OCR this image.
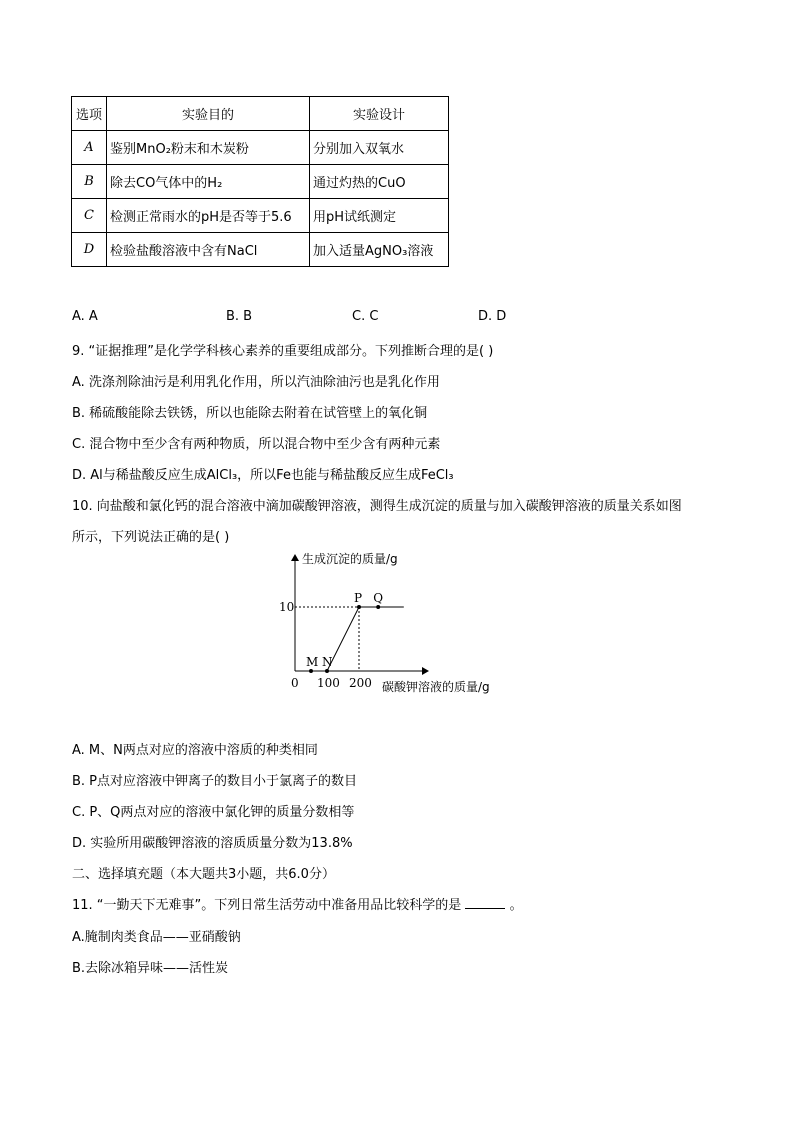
选项	实验目的	实验设计
A	鉴别MnO₂粉末和木炭粉	分别加入双氧水
B	除去CO气体中的H₂	通过灼热的CuO
C	检测正常雨水的pH是否等于5.6	用pH试纸测定
D	检验盐酸溶液中含有NaCl	加入适量AgNO₃溶液
A. A	B. B	C. C	D. D
9. “证据推理”是化学学科核心素养的重要组成部分。下列推断合理的是( )
A. 洗涤剂除油污是利用乳化作用，所以汽油除油污也是乳化作用
B. 稀硫酸能除去铁锈，所以也能除去附着在试管壁上的氧化铜
C. 混合物中至少含有两种物质，所以混合物中至少含有两种元素
D. Al与稀盐酸反应生成AlCl₃，所以Fe也能与稀盐酸反应生成FeCl₃
10. 向盐酸和氯化钙的混合溶液中滴加碳酸钾溶液，测得生成沉淀的质量与加入碳酸钾溶液的质量关系如图
所示，下列说法正确的是( )
生成沉淀的质量/g
碳酸钾溶液的质量/g
0 100 200
10
M N
P Q
A. M、N两点对应的溶液中溶质的种类相同
B. P点对应溶液中钾离子的数目小于氯离子的数目
C. P、Q两点对应的溶液中氯化钾的质量分数相等
D. 实验所用碳酸钾溶液的溶质质量分数为13.8%
二、选择填充题（本大题共3小题，共6.0分）
11. “一勤天下无难事”。下列日常生活劳动中准备用品比较科学的是	。
A.腌制肉类食品——亚硝酸钠
B.去除冰箱异味——活性炭
